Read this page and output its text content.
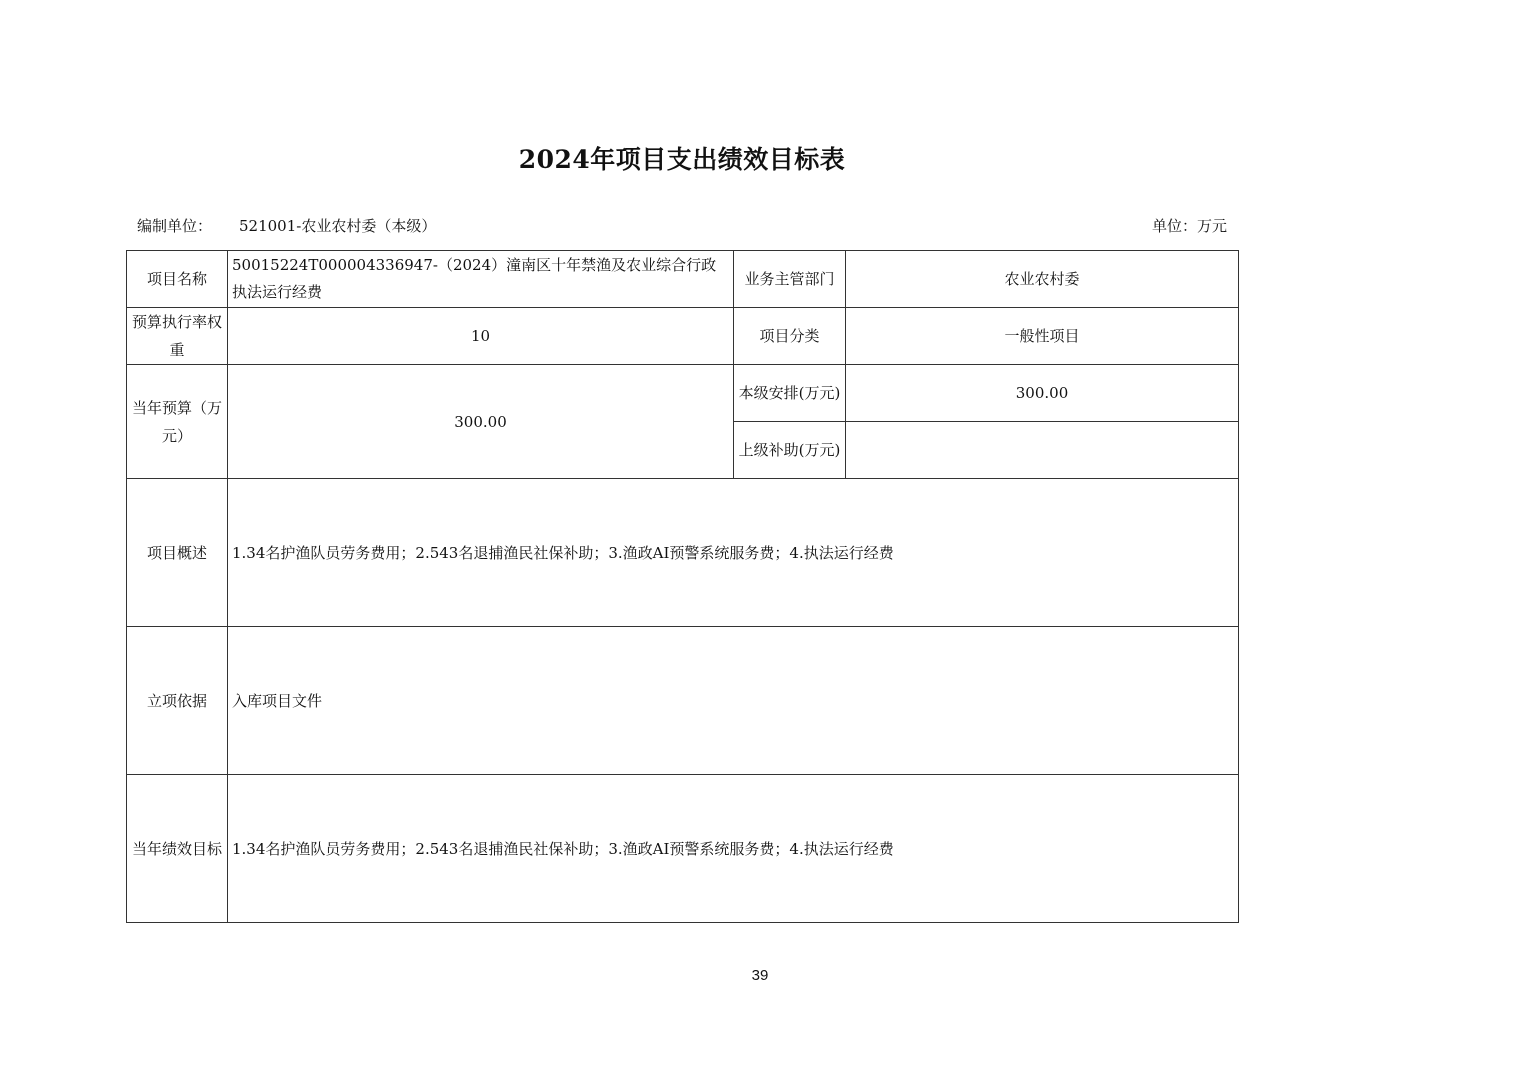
2024年项目支出绩效目标表
编制单位： 521001-农业农村委（本级）	单位：万元
项目名称	50015224T000004336947-（2024）潼南区十年禁渔及农业综合行政执法运行经费	业务主管部门	农业农村委
预算执行率权重	10	项目分类	一般性项目
当年预算（万元）	300.00	本级安排(万元)	300.00
		上级补助(万元)	
项目概述	1.34名护渔队员劳务费用；2.543名退捕渔民社保补助；3.渔政AI预警系统服务费；4.执法运行经费		
立项依据	入库项目文件		
当年绩效目标	1.34名护渔队员劳务费用；2.543名退捕渔民社保补助；3.渔政AI预警系统服务费；4.执法运行经费		
39
